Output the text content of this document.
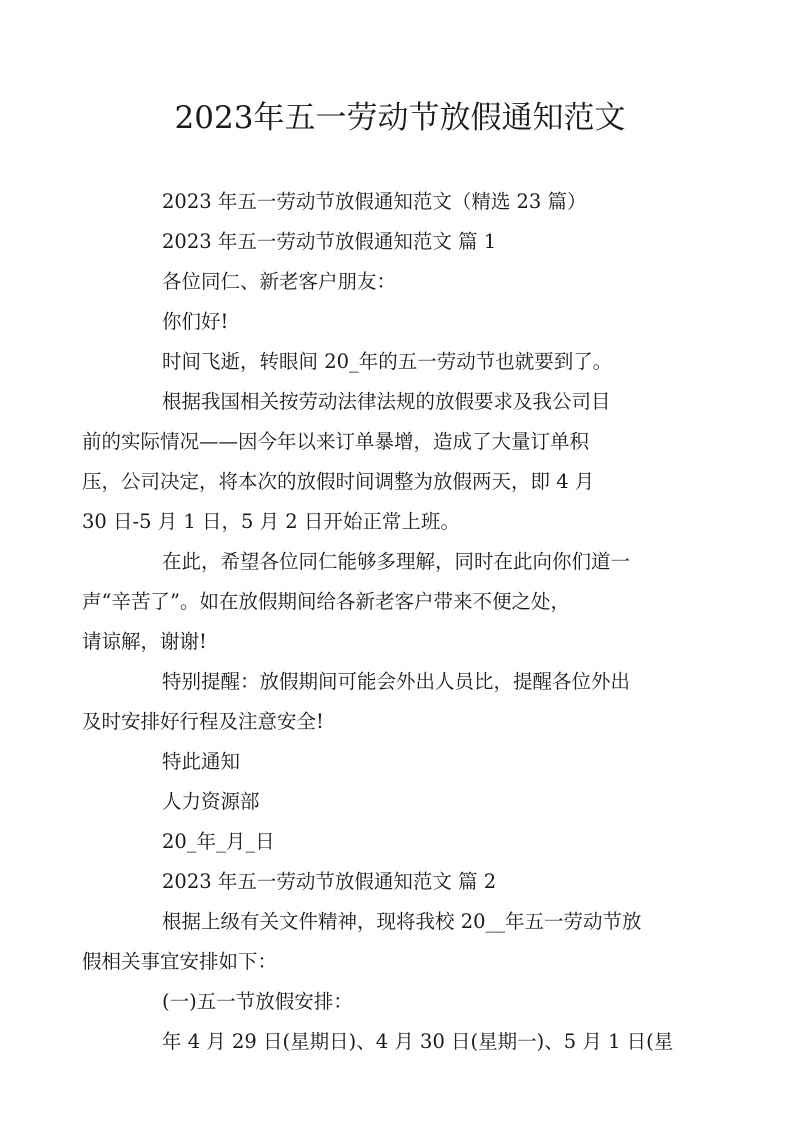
2023年五一劳动节放假通知范文
2023 年五一劳动节放假通知范文（精选 23 篇）
2023 年五一劳动节放假通知范文 篇 1
各位同仁、新老客户朋友：
你们好!
时间飞逝，转眼间 20_年的五一劳动节也就要到了。
根据我国相关按劳动法律法规的放假要求及我公司目
前的实际情况——因今年以来订单暴增，造成了大量订单积
压，公司决定，将本次的放假时间调整为放假两天，即 4 月
30 日-5 月 1 日，5 月 2 日开始正常上班。
在此，希望各位同仁能够多理解，同时在此向你们道一
声“辛苦了”。如在放假期间给各新老客户带来不便之处，
请谅解，谢谢!
特别提醒：放假期间可能会外出人员比，提醒各位外出
及时安排好行程及注意安全!
特此通知
人力资源部
20_年_月_日
2023 年五一劳动节放假通知范文 篇 2
根据上级有关文件精神，现将我校 20__年五一劳动节放
假相关事宜安排如下：
(一)五一节放假安排：
年 4 月 29 日(星期日)、4 月 30 日(星期一)、5 月 1 日(星
